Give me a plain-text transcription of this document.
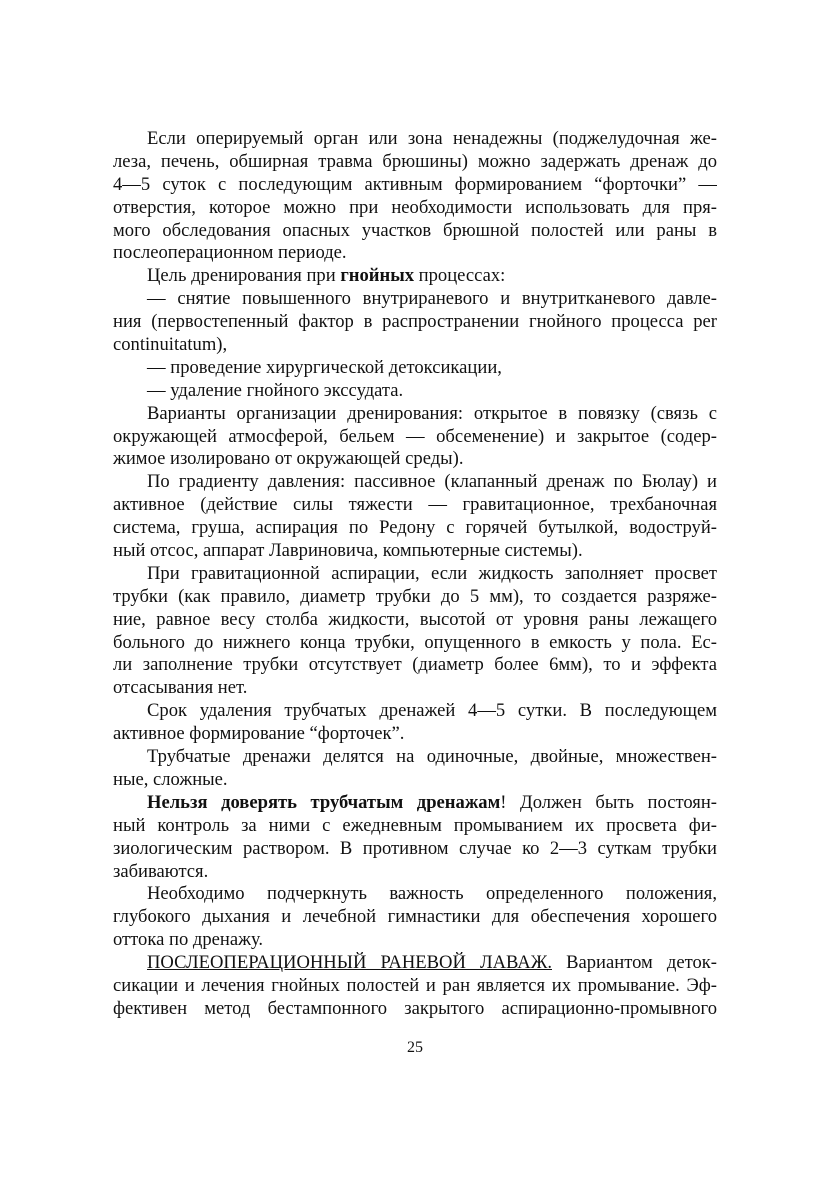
Если оперируемый орган или зона ненадежны (поджелудочная же-
леза, печень, обширная травма брюшины) можно задержать дренаж до
4—5 суток с последующим активным формированием “форточки” —
отверстия, которое можно при необходимости использовать для пря-
мого обследования опасных участков брюшной полостей или раны в
послеоперационном периоде.
Цель дренирования при гнойных процессах:
— снятие повышенного внутрираневого и внутритканевого давле-
ния (первостепенный фактор в распространении гнойного процесса per
continuitatum),
— проведение хирургической детоксикации,
— удаление гнойного экссудата.
Варианты организации дренирования: открытое в повязку (связь с
окружающей атмосферой, бельем — обсеменение) и закрытое (содер-
жимое изолировано от окружающей среды).
По градиенту давления: пассивное (клапанный дренаж по Бюлау) и
активное (действие силы тяжести — гравитационное, трехбаночная
система, груша, аспирация по Редону с горячей бутылкой, водоструй-
ный отсос, аппарат Лавриновича, компьютерные системы).
При гравитационной аспирации, если жидкость заполняет просвет
трубки (как правило, диаметр трубки до 5 мм), то создается разряже-
ние, равное весу столба жидкости, высотой от уровня раны лежащего
больного до нижнего конца трубки, опущенного в емкость у пола. Ес-
ли заполнение трубки отсутствует (диаметр более 6мм), то и эффекта
отсасывания нет.
Срок удаления трубчатых дренажей 4—5 сутки. В последующем
активное формирование “форточек”.
Трубчатые дренажи делятся на одиночные, двойные, множествен-
ные, сложные.
Нельзя доверять трубчатым дренажам! Должен быть постоян-
ный контроль за ними с ежедневным промыванием их просвета фи-
зиологическим раствором. В противном случае ко 2—3 суткам трубки
забиваются.
Необходимо подчеркнуть важность определенного положения,
глубокого дыхания и лечебной гимнастики для обеспечения хорошего
оттока по дренажу.
ПОСЛЕОПЕРАЦИОННЫЙ РАНЕВОЙ ЛАВАЖ. Вариантом деток-
сикации и лечения гнойных полостей и ран является их промывание. Эф-
фективен метод бестампонного закрытого аспирационно-промывного
25
